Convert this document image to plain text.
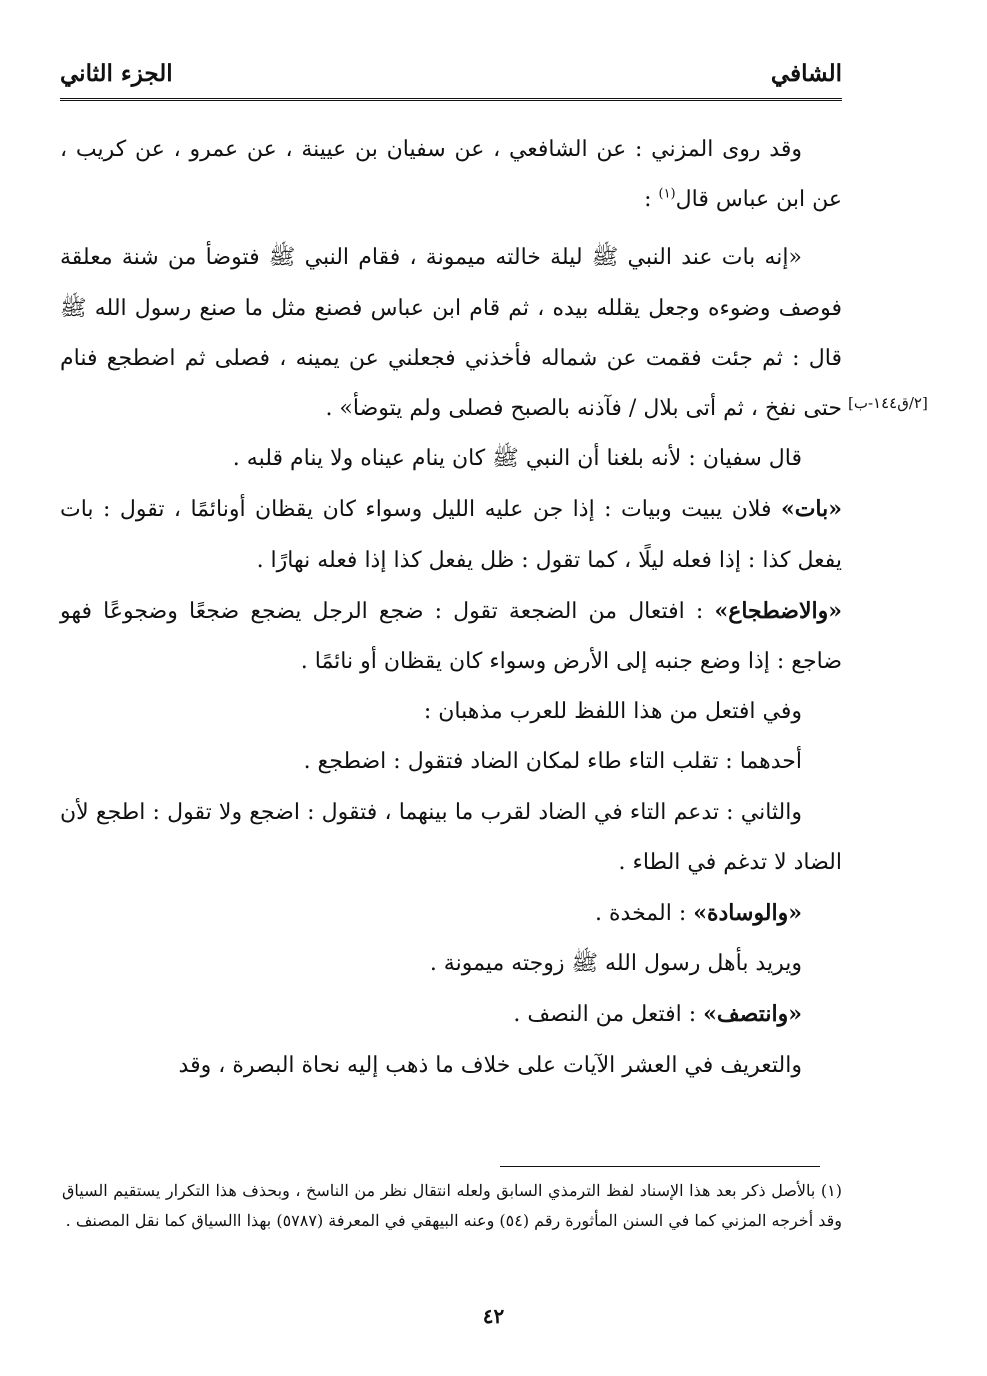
الشافي
الجزء الثاني
[٢/ق١٤٤-ب]

وقد روى المزني : عن الشافعي ، عن سفيان بن عيينة ، عن عمرو ، عن كريب ، عن ابن عباس قال$^{(١)}$ :

«إنه بات عند النبي ﷺ ليلة خالته ميمونة ، فقام النبي ﷺ فتوضأ من شنة معلقة فوصف وضوءه وجعل يقلله بيده ، ثم قام ابن عباس فصنع مثل ما صنع رسول الله ﷺ قال : ثم جئت فقمت عن شماله فأخذني فجعلني عن يمينه ، فصلى ثم اضطجع فنام حتى نفخ ، ثم أتى بلال / فآذنه بالصبح فصلى ولم يتوضأ» .

قال سفيان : لأنه بلغنا أن النبي ﷺ كان ينام عيناه ولا ينام قلبه .

«بات» فلان يبيت وبيات : إذا جن عليه الليل وسواء كان يقظان أونائمًا ، تقول : بات يفعل كذا : إذا فعله ليلًا ، كما تقول : ظل يفعل كذا إذا فعله نهارًا .

«والاضطجاع» : افتعال من الضجعة تقول : ضجع الرجل يضجع ضجعًا وضجوعًا فهو ضاجع : إذا وضع جنبه إلى الأرض وسواء كان يقظان أو نائمًا .

وفي افتعل من هذا اللفظ للعرب مذهبان :

أحدهما : تقلب التاء طاء لمكان الضاد فتقول : اضطجع .

والثاني : تدعم التاء في الضاد لقرب ما بينهما ، فتقول : اضجع ولا تقول : اطجع لأن الضاد لا تدغم في الطاء .

«والوسادة» : المخدة .

ويريد بأهل رسول الله ﷺ زوجته ميمونة .

«وانتصف» : افتعل من النصف .

والتعريف في العشر الآيات على خلاف ما ذهب إليه نحاة البصرة ، وقد

(١) بالأصل ذكر بعد هذا الإسناد لفظ الترمذي السابق ولعله انتقال نظر من الناسخ ، وبحذف هذا التكرار يستقيم السياق وقد أخرجه المزني كما في السنن المأثورة رقم (٥٤) وعنه البيهقي في المعرفة (٥٧٨٧) بهذا االسياق كما نقل المصنف .
٤٢
